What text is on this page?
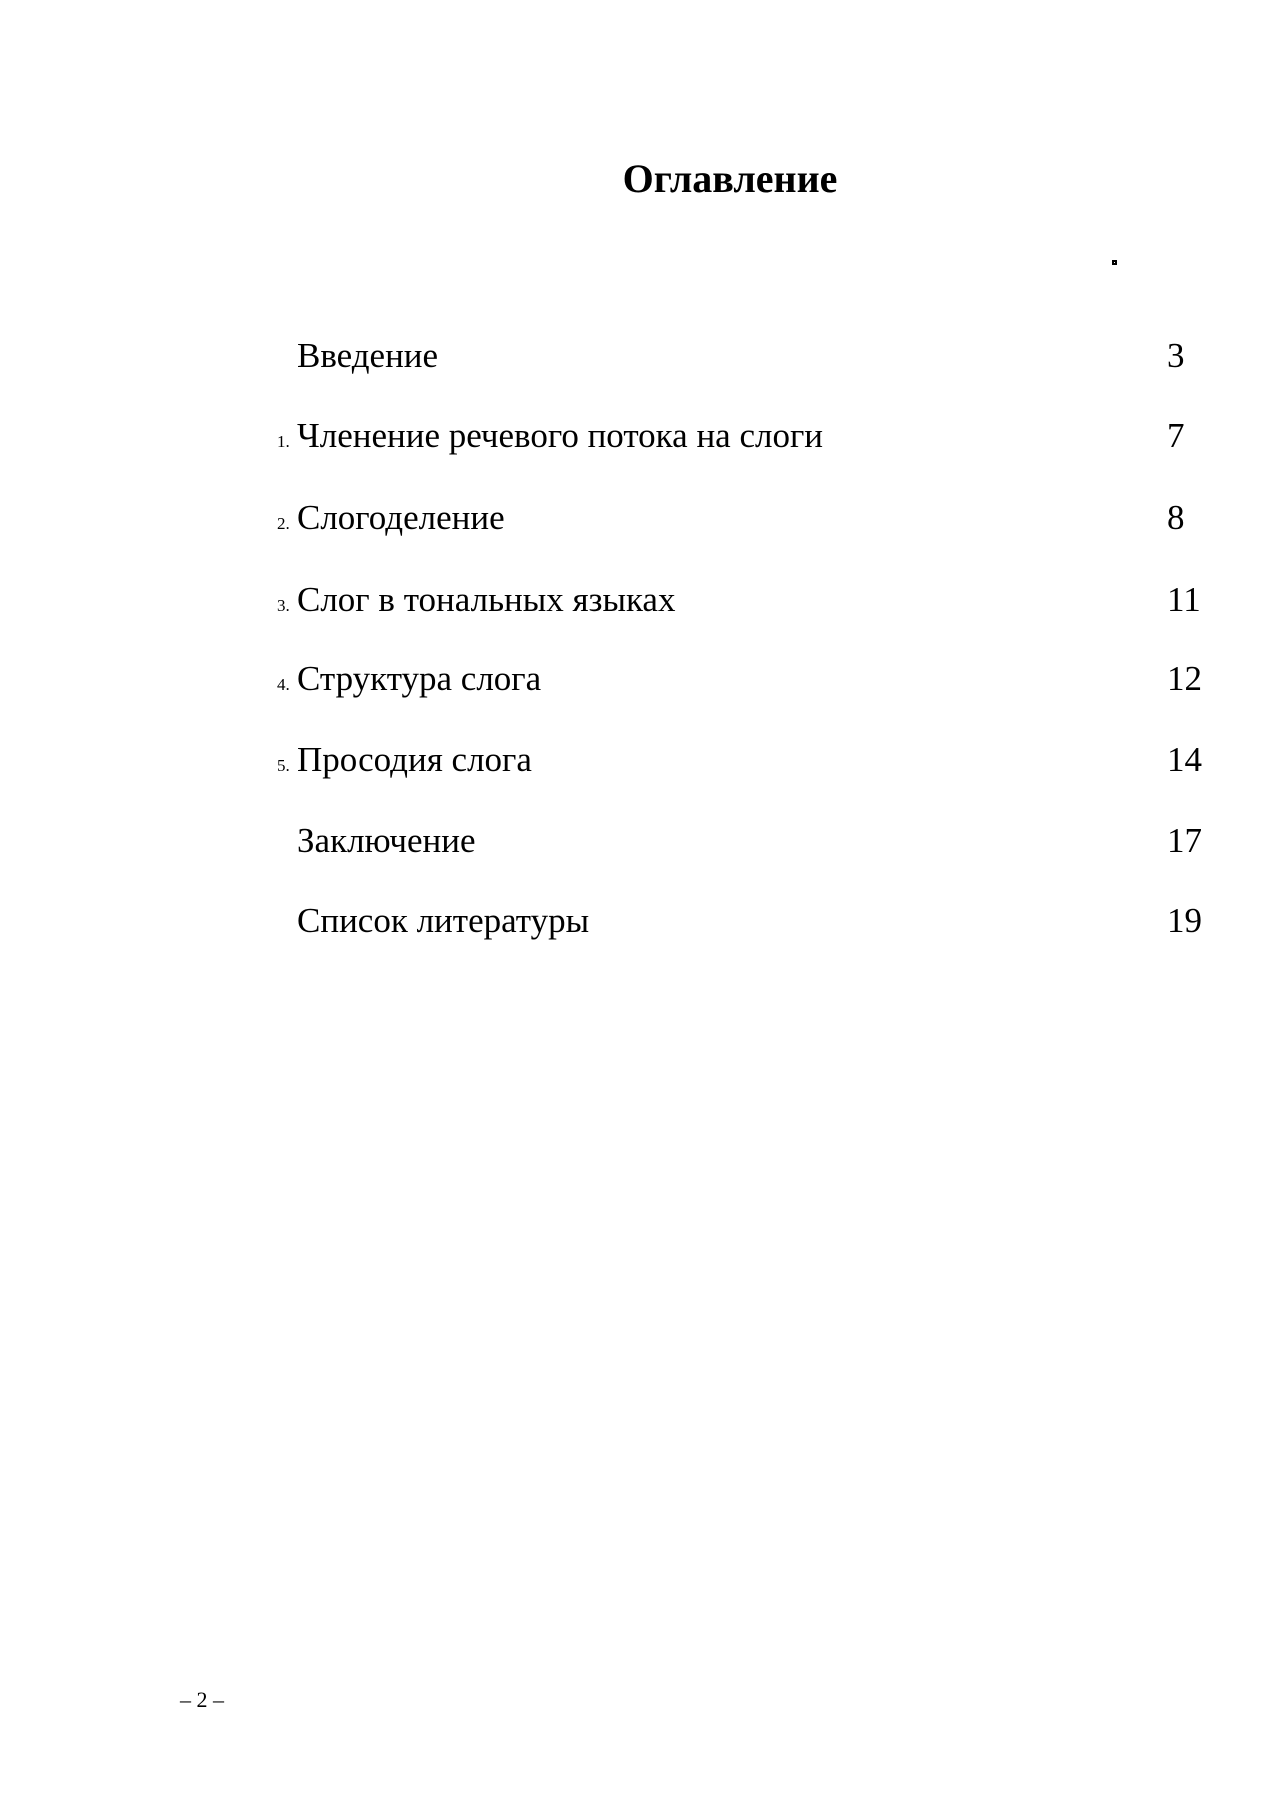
Оглавление
Введение	3
1. Членение речевого потока на слоги	7
2. Слогоделение	8
3. Слог в тональных языках	11
4. Структура слога	12
5. Просодия слога	14
Заключение	17
Список литературы	19
– 2 –
